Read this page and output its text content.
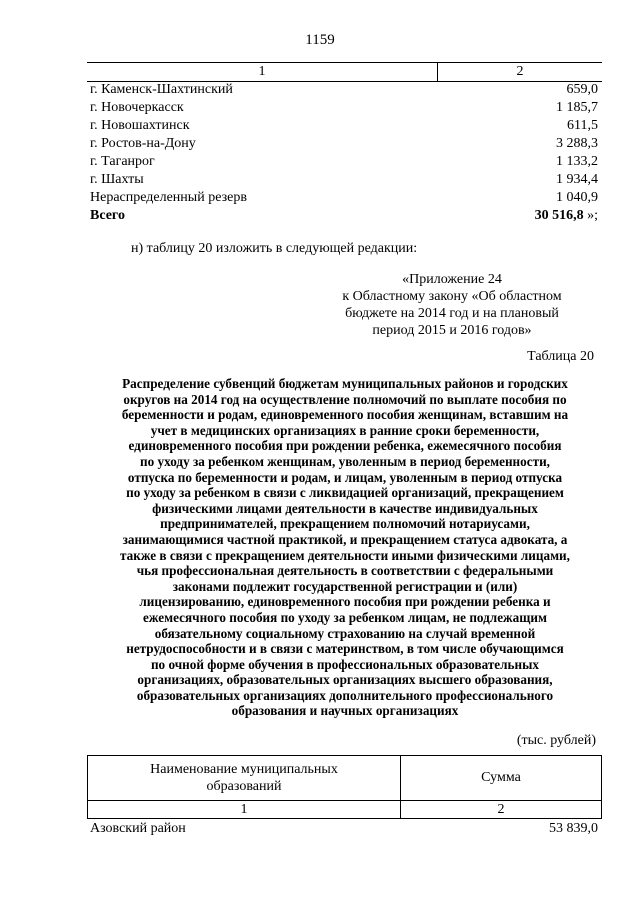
1159
1	2
г. Каменск-Шахтинский	659,0
г. Новочеркасск	1 185,7
г. Новошахтинск	611,5
г. Ростов-на-Дону	3 288,3
г. Таганрог	1 133,2
г. Шахты	1 934,4
Нераспределенный резерв	1 040,9
Всего	30 516,8 »;
н) таблицу 20 изложить в следующей редакции:
«Приложение 24
к Областному закону «Об областном
бюджете на 2014 год и на плановый
период 2015 и 2016 годов»
Таблица 20
Распределение субвенций бюджетам муниципальных районов и городских
округов на 2014 год на осуществление полномочий по выплате пособия по
беременности и родам, единовременного пособия женщинам, вставшим на
учет в медицинских организациях в ранние сроки беременности,
единовременного пособия при рождении ребенка, ежемесячного пособия
по уходу за ребенком женщинам, уволенным в период беременности,
отпуска по беременности и родам, и лицам, уволенным в период отпуска
по уходу за ребенком в связи с ликвидацией организаций, прекращением
физическими лицами деятельности в качестве индивидуальных
предпринимателей, прекращением полномочий нотариусами,
занимающимися частной практикой, и прекращением статуса адвоката, а
также в связи с прекращением деятельности иными физическими лицами,
чья профессиональная деятельность в соответствии с федеральными
законами подлежит государственной регистрации и (или)
лицензированию, единовременного пособия при рождении ребенка и
ежемесячного пособия по уходу за ребенком лицам, не подлежащим
обязательному социальному страхованию на случай временной
нетрудоспособности и в связи с материнством, в том числе обучающимся
по очной форме обучения в профессиональных образовательных
организациях, образовательных организациях высшего образования,
образовательных организациях дополнительного профессионального
образования и научных организациях
(тыс. рублей)
Наименование муниципальных
образований	Сумма
1	2
Азовский район	53 839,0
